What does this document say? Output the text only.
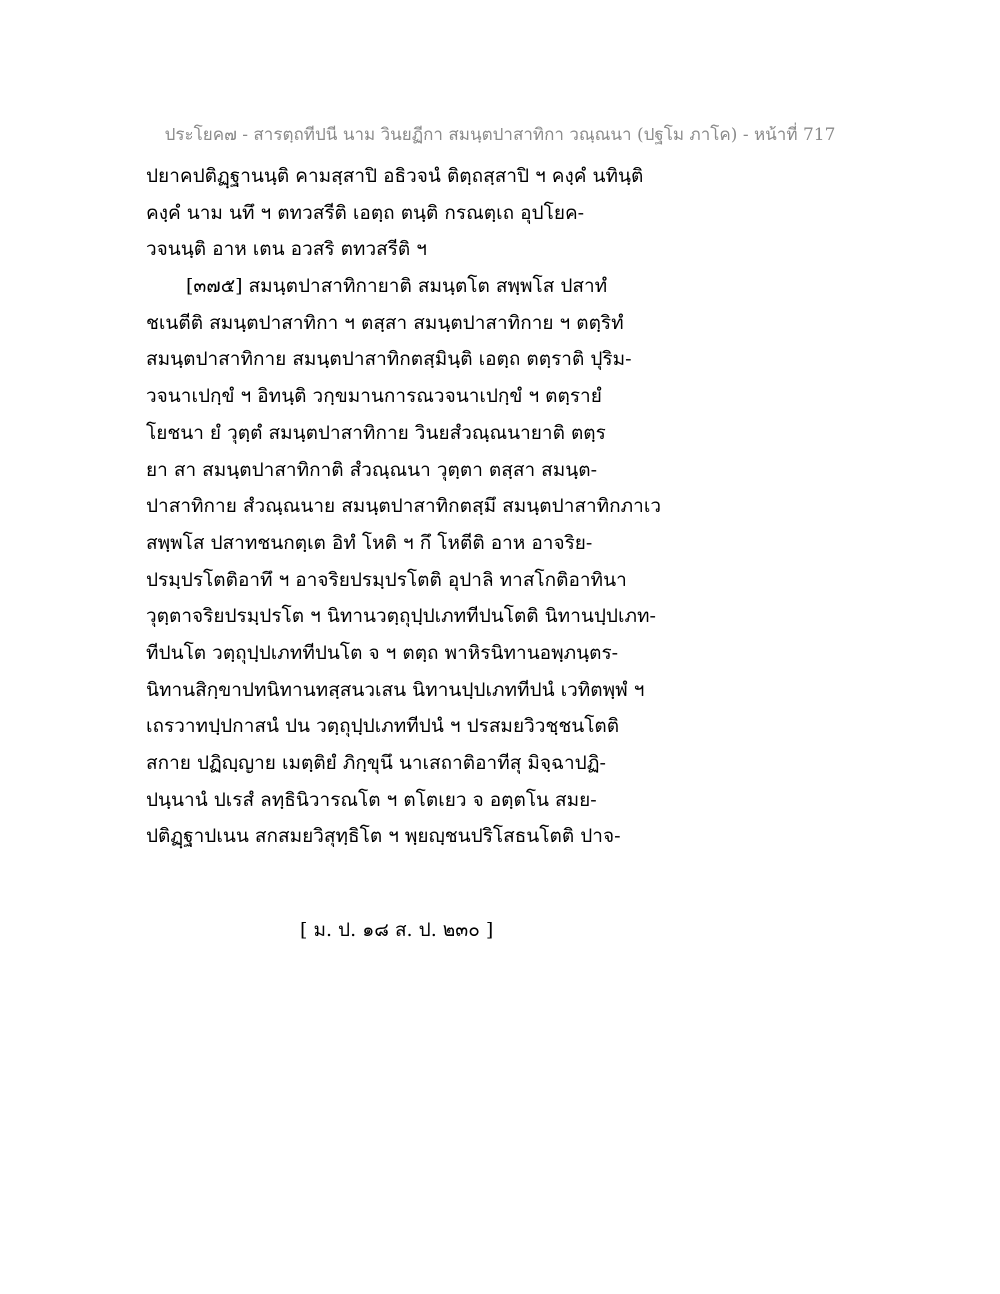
ประโยค๗ - สารตฺถทีปนี นาม วินยฏีกา สมนฺตปาสาทิกา วณฺณนา (ปฐโม ภาโค) - หน้าที่ 717
ปยาคปติฏฺฐานนฺติ คามสฺสาปิ อธิวจนํ ติตฺถสฺสาปิ ฯ คงฺคํ นทินฺติ
คงฺคํ นาม นทึ ฯ ตทวสรีติ เอตฺถ ตนฺติ กรณตฺเถ อุปโยค-
วจนนฺติ อาห เตน อวสริ ตทวสรีติ ฯ
[๓๗๕] สมนฺตปาสาทิกายาติ สมนฺตโต สพฺพโส ปสาทํ
ชเนตีติ สมนฺตปาสาทิกา ฯ ตสฺสา สมนฺตปาสาทิกาย ฯ ตตฺริทํ
สมนฺตปาสาทิกาย สมนฺตปาสาทิกตสฺมินฺติ เอตฺถ ตตฺราติ ปุริม-
วจนาเปกฺขํ ฯ อิทนฺติ วกฺขมานการณวจนาเปกฺขํ ฯ ตตฺรายํ
โยชนา ยํ วุตฺตํ สมนฺตปาสาทิกาย วินยสํวณฺณนายาติ ตตฺร
ยา สา สมนฺตปาสาทิกาติ สํวณฺณนา วุตฺตา ตสฺสา สมนฺต-
ปาสาทิกาย สํวณฺณนาย สมนฺตปาสาทิกตสฺมึ สมนฺตปาสาทิกภาเว
สพฺพโส ปสาทชนกตฺเต อิทํ โหติ ฯ กึ โหตีติ อาห อาจริย-
ปรมฺปรโตติอาทึ ฯ อาจริยปรมฺปรโตติ อุปาลิ ทาสโกติอาทินา
วุตฺตาจริยปรมฺปรโต ฯ นิทานวตฺถุปฺปเภททีปนโตติ นิทานปฺปเภท-
ทีปนโต วตฺถุปฺปเภททีปนโต จ ฯ ตตฺถ พาหิรนิทานอพฺภนฺตร-
นิทานสิกฺขาปทนิทานทสฺสนวเสน นิทานปฺปเภททีปนํ เวทิตพฺพํ ฯ
เถรวาทปฺปกาสนํ ปน วตฺถุปฺปเภททีปนํ ฯ ปรสมยวิวชฺชนโตติ
สกาย ปฏิญฺญาย เมตฺติยํ ภิกฺขุนึ นาเสถาติอาทีสุ มิจฺฉาปฏิ-
ปนฺนานํ ปเรสํ ลทฺธินิวารณโต ฯ ตโตเยว จ อตฺตโน สมย-
ปติฏฺฐาปเนน สกสมยวิสุทฺธิโต ฯ พฺยญฺชนปริโสธนโตติ ปาจ-
[ ม. ป. ๑๘ ส. ป. ๒๓๐ ]
